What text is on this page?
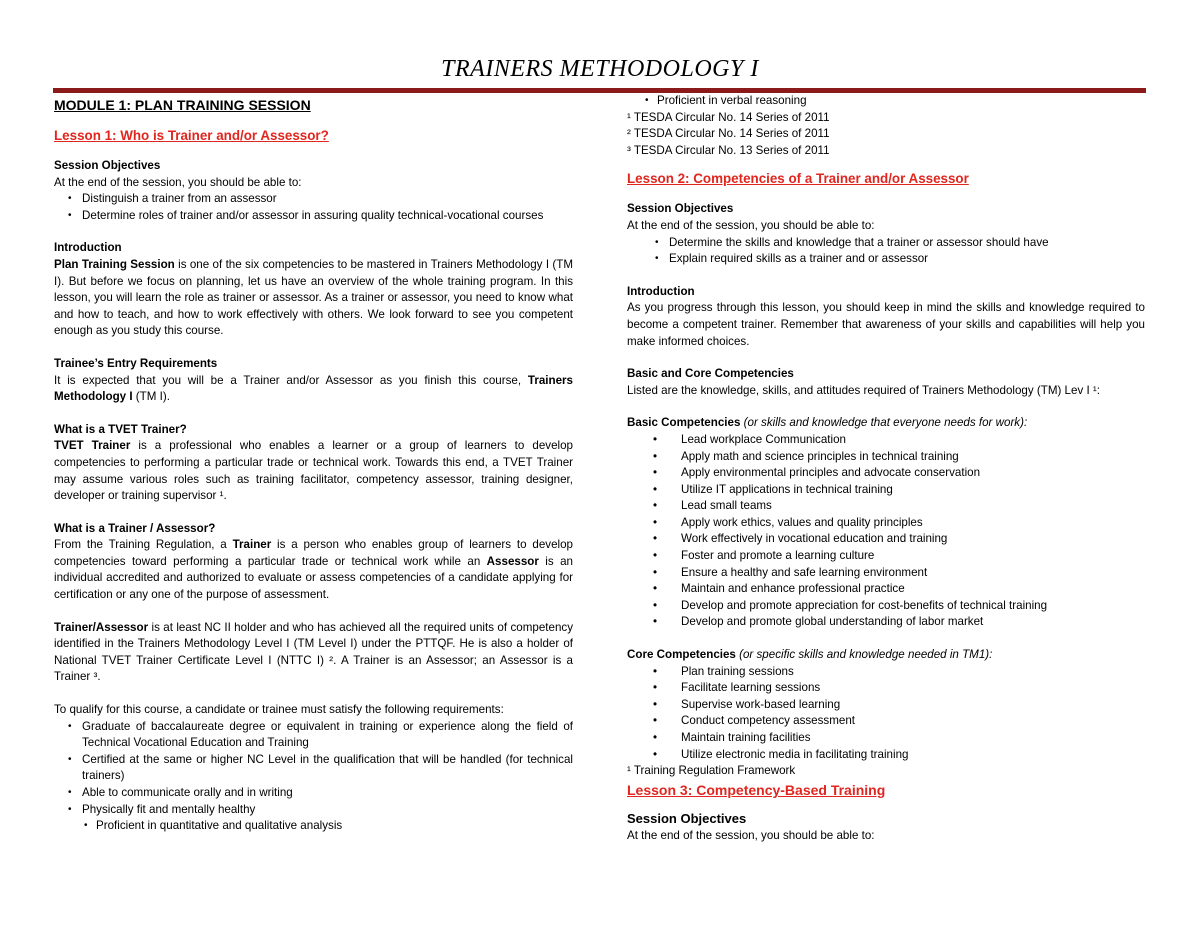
TRAINERS METHODOLOGY I

MODULE 1: PLAN TRAINING SESSION

Lesson 1: Who is Trainer and/or Assessor?

Session Objectives

At the end of the session, you should be able to:

• Distinguish a trainer from an assessor
• Determine roles of trainer and/or assessor in assuring quality technical-vocational courses

Introduction

Plan Training Session is one of the six competencies to be mastered in Trainers Methodology I (TM I). But before we focus on planning, let us have an overview of the whole training program. In this lesson, you will learn the role as trainer or assessor. As a trainer or assessor, you need to know what and how to teach, and how to work effectively with others. We look forward to see you competent enough as you study this course.

Trainee’s Entry Requirements

It is expected that you will be a Trainer and/or Assessor as you finish this course, Trainers Methodology I (TM I).

What is a TVET Trainer?

TVET Trainer is a professional who enables a learner or a group of learners to develop competencies to performing a particular trade or technical work. Towards this end, a TVET Trainer may assume various roles such as training facilitator, competency assessor, training designer, developer or training supervisor ¹.

What is a Trainer / Assessor?

From the Training Regulation, a Trainer is a person who enables group of learners to develop competencies toward performing a particular trade or technical work while an Assessor is an individual accredited and authorized to evaluate or assess competencies of a candidate applying for certification or any one of the purpose of assessment.

Trainer/Assessor is at least NC II holder and who has achieved all the required units of competency identified in the Trainers Methodology Level I (TM Level I) under the PTTQF. He is also a holder of National TVET Trainer Certificate Level I (NTTC I) ². A Trainer is an Assessor; an Assessor is a Trainer ³.

To qualify for this course, a candidate or trainee must satisfy the following requirements:

• Graduate of baccalaureate degree or equivalent in training or experience along the field of Technical Vocational Education and Training
• Certified at the same or higher NC Level in the qualification that will be handled (for technical trainers)
• Able to communicate orally and in writing
• Physically fit and mentally healthy
• Proficient in quantitative and qualitative analysis
• Proficient in verbal reasoning

¹ TESDA Circular No. 14 Series of 2011

² TESDA Circular No. 14 Series of 2011

³ TESDA Circular No. 13 Series of 2011

Lesson 2: Competencies of a Trainer and/or Assessor

Session Objectives

At the end of the session, you should be able to:

• Determine the skills and knowledge that a trainer or assessor should have
• Explain required skills as a trainer and or assessor

Introduction

As you progress through this lesson, you should keep in mind the skills and knowledge required to become a competent trainer. Remember that awareness of your skills and capabilities will help you make informed choices.

Basic and Core Competencies

Listed are the knowledge, skills, and attitudes required of Trainers Methodology (TM) Lev I ¹:

Basic Competencies (or skills and knowledge that everyone needs for work):

• Lead workplace Communication
• Apply math and science principles in technical training
• Apply environmental principles and advocate conservation
• Utilize IT applications in technical training
• Lead small teams
• Apply work ethics, values and quality principles
• Work effectively in vocational education and training
• Foster and promote a learning culture
• Ensure a healthy and safe learning environment
• Maintain and enhance professional practice
• Develop and promote appreciation for cost-benefits of technical training
• Develop and promote global understanding of labor market

Core Competencies (or specific skills and knowledge needed in TM1):

• Plan training sessions
• Facilitate learning sessions
• Supervise work-based learning
• Conduct competency assessment
• Maintain training facilities
• Utilize electronic media in facilitating training

¹ Training Regulation Framework

Lesson 3: Competency-Based Training

Session Objectives

At the end of the session, you should be able to:
